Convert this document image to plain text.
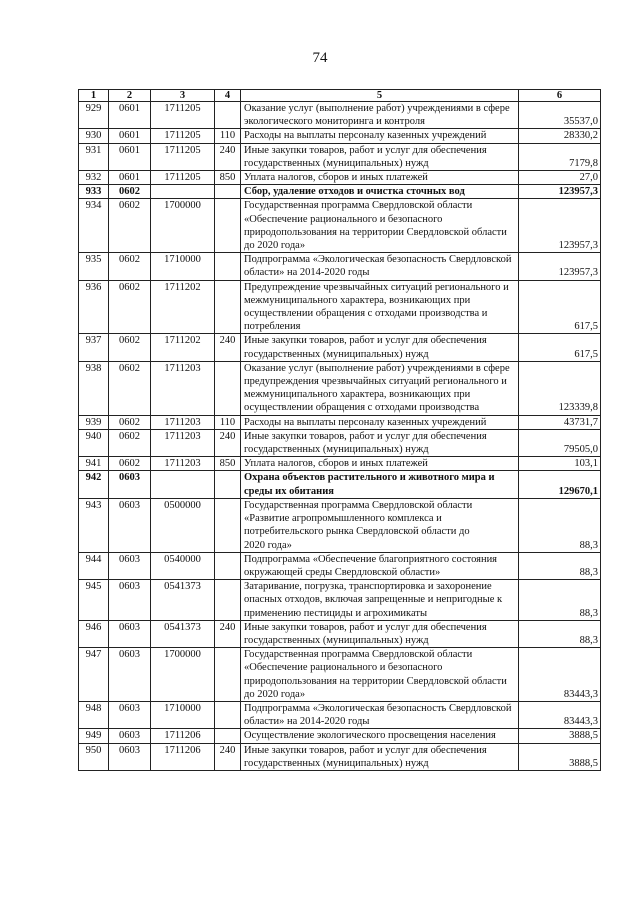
74
1	2	3	4	5	6
929	0601	1711205		Оказание услуг (выполнение работ) учреждениями в сфере
экологического мониторинга и контроля	35537,0
930	0601	1711205	110	Расходы на выплаты персоналу казенных учреждений	28330,2
931	0601	1711205	240	Иные закупки товаров, работ и услуг для обеспечения
государственных (муниципальных) нужд	7179,8
932	0601	1711205	850	Уплата налогов, сборов и иных платежей	27,0
933	0602			Сбор, удаление отходов и очистка сточных вод	123957,3
934	0602	1700000		Государственная программа Свердловской области
«Обеспечение рационального и безопасного
природопользования на территории Свердловской области
до 2020 года»	123957,3
935	0602	1710000		Подпрограмма «Экологическая безопасность Свердловской
области» на 2014-2020 годы	123957,3
936	0602	1711202		Предупреждение чрезвычайных ситуаций регионального и
межмуниципального характера, возникающих при
осуществлении обращения с отходами производства и
потребления	617,5
937	0602	1711202	240	Иные закупки товаров, работ и услуг для обеспечения
государственных (муниципальных) нужд	617,5
938	0602	1711203		Оказание услуг (выполнение работ) учреждениями в сфере
предупреждения чрезвычайных ситуаций регионального и
межмуниципального характера, возникающих при
осуществлении обращения с отходами производства	123339,8
939	0602	1711203	110	Расходы на выплаты персоналу казенных учреждений	43731,7
940	0602	1711203	240	Иные закупки товаров, работ и услуг для обеспечения
государственных (муниципальных) нужд	79505,0
941	0602	1711203	850	Уплата налогов, сборов и иных платежей	103,1
942	0603			Охрана объектов растительного и животного мира и
среды их обитания	129670,1
943	0603	0500000		Государственная программа Свердловской области
«Развитие агропромышленного комплекса и
потребительского рынка Свердловской области до
2020 года»	88,3
944	0603	0540000		Подпрограмма «Обеспечение благоприятного состояния
окружающей среды Свердловской области»	88,3
945	0603	0541373		Затаривание, погрузка, транспортировка и захоронение
опасных отходов, включая запрещенные и непригодные к
применению пестициды и агрохимикаты	88,3
946	0603	0541373	240	Иные закупки товаров, работ и услуг для обеспечения
государственных (муниципальных) нужд	88,3
947	0603	1700000		Государственная программа Свердловской области
«Обеспечение рационального и безопасного
природопользования на территории Свердловской области
до 2020 года»	83443,3
948	0603	1710000		Подпрограмма «Экологическая безопасность Свердловской
области» на 2014-2020 годы	83443,3
949	0603	1711206		Осуществление экологического просвещения населения	3888,5
950	0603	1711206	240	Иные закупки товаров, работ и услуг для обеспечения
государственных (муниципальных) нужд	3888,5
